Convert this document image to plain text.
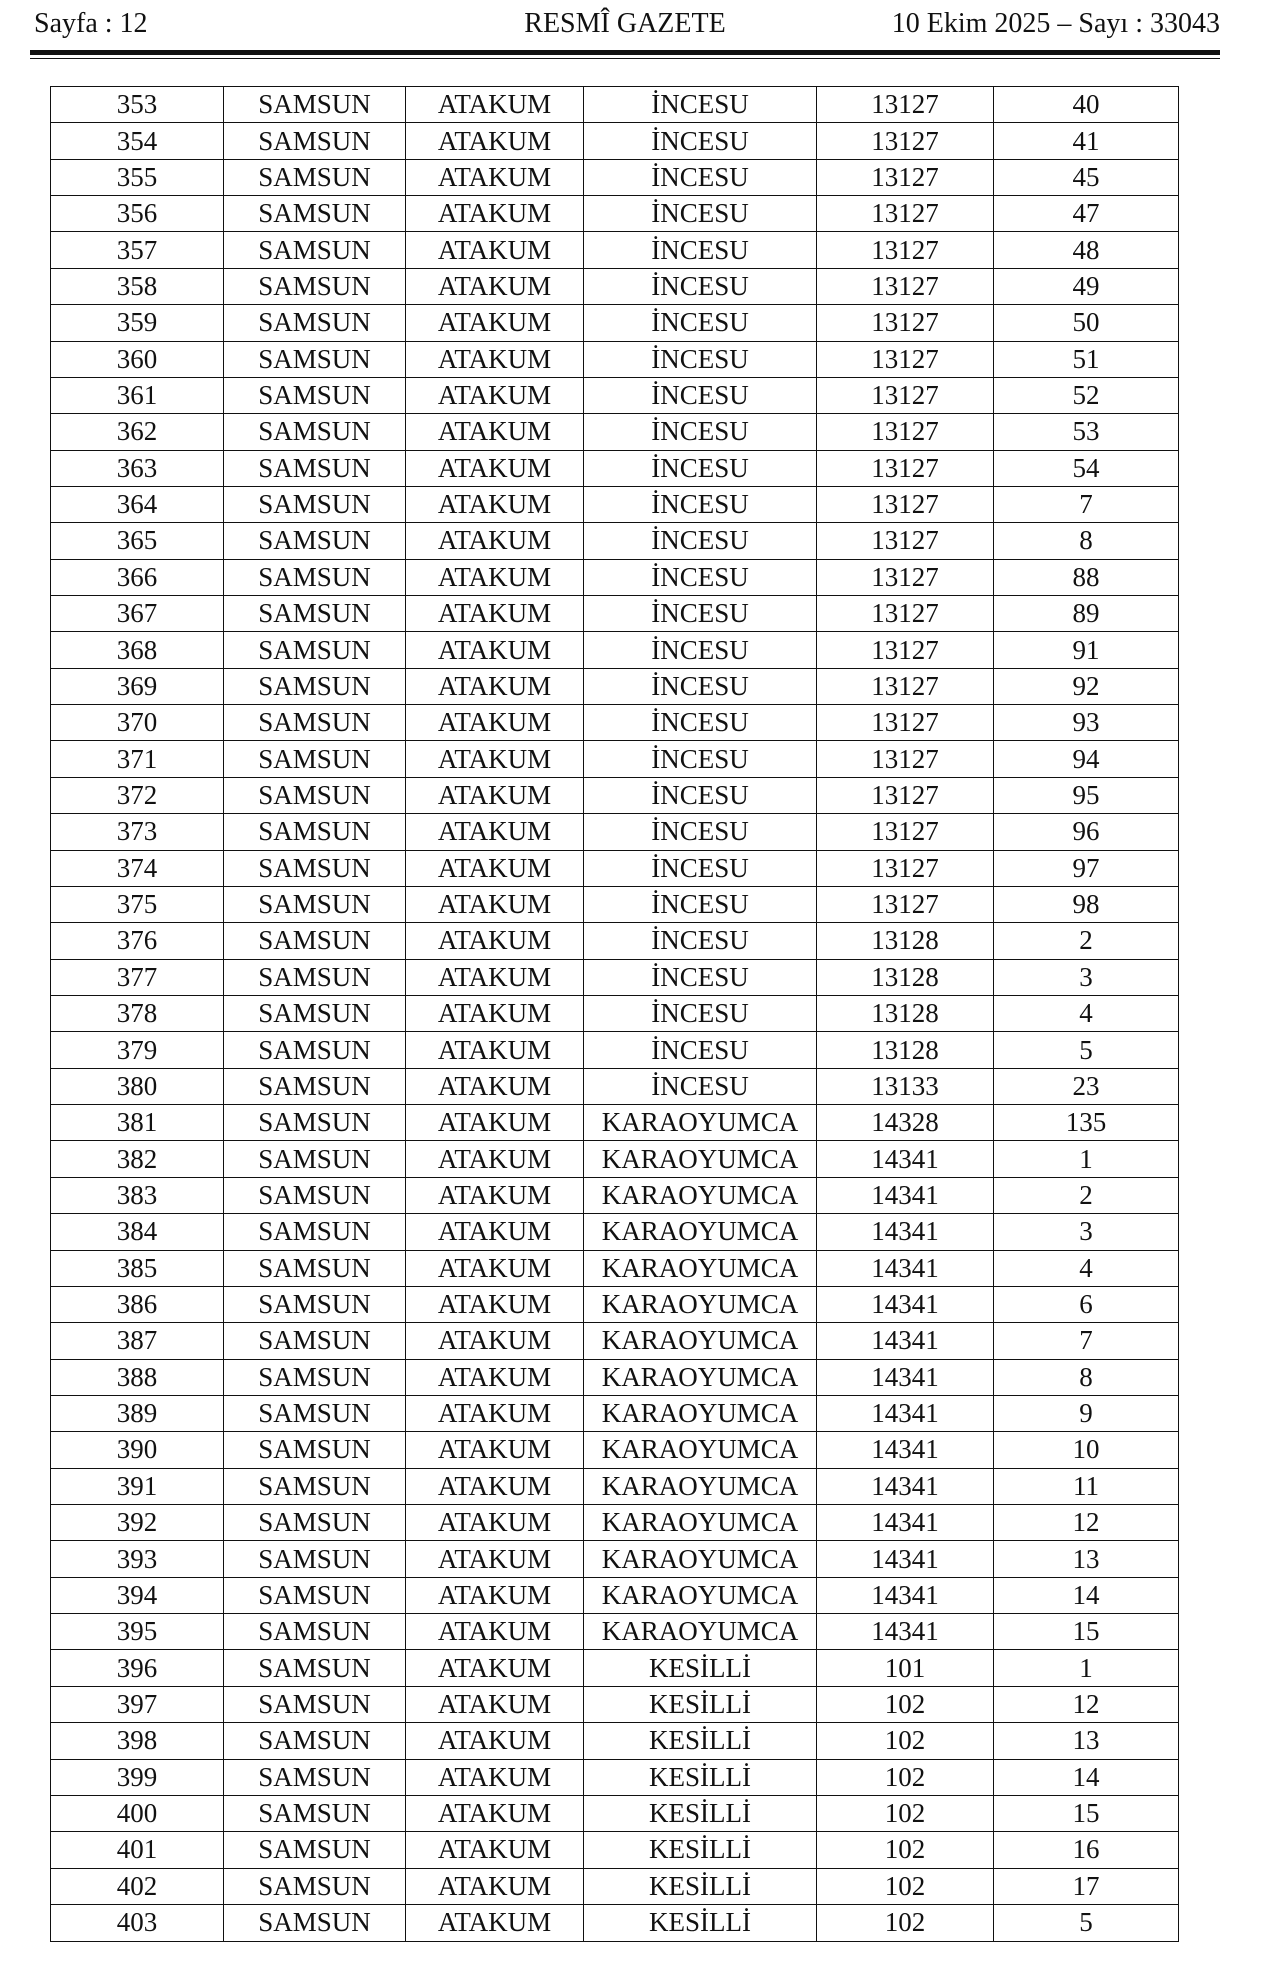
Sayfa : 12	RESMÎ GAZETE	10 Ekim 2025 – Sayı : 33043
353	SAMSUN	ATAKUM	İNCESU	13127	40
354	SAMSUN	ATAKUM	İNCESU	13127	41
355	SAMSUN	ATAKUM	İNCESU	13127	45
356	SAMSUN	ATAKUM	İNCESU	13127	47
357	SAMSUN	ATAKUM	İNCESU	13127	48
358	SAMSUN	ATAKUM	İNCESU	13127	49
359	SAMSUN	ATAKUM	İNCESU	13127	50
360	SAMSUN	ATAKUM	İNCESU	13127	51
361	SAMSUN	ATAKUM	İNCESU	13127	52
362	SAMSUN	ATAKUM	İNCESU	13127	53
363	SAMSUN	ATAKUM	İNCESU	13127	54
364	SAMSUN	ATAKUM	İNCESU	13127	7
365	SAMSUN	ATAKUM	İNCESU	13127	8
366	SAMSUN	ATAKUM	İNCESU	13127	88
367	SAMSUN	ATAKUM	İNCESU	13127	89
368	SAMSUN	ATAKUM	İNCESU	13127	91
369	SAMSUN	ATAKUM	İNCESU	13127	92
370	SAMSUN	ATAKUM	İNCESU	13127	93
371	SAMSUN	ATAKUM	İNCESU	13127	94
372	SAMSUN	ATAKUM	İNCESU	13127	95
373	SAMSUN	ATAKUM	İNCESU	13127	96
374	SAMSUN	ATAKUM	İNCESU	13127	97
375	SAMSUN	ATAKUM	İNCESU	13127	98
376	SAMSUN	ATAKUM	İNCESU	13128	2
377	SAMSUN	ATAKUM	İNCESU	13128	3
378	SAMSUN	ATAKUM	İNCESU	13128	4
379	SAMSUN	ATAKUM	İNCESU	13128	5
380	SAMSUN	ATAKUM	İNCESU	13133	23
381	SAMSUN	ATAKUM	KARAOYUMCA	14328	135
382	SAMSUN	ATAKUM	KARAOYUMCA	14341	1
383	SAMSUN	ATAKUM	KARAOYUMCA	14341	2
384	SAMSUN	ATAKUM	KARAOYUMCA	14341	3
385	SAMSUN	ATAKUM	KARAOYUMCA	14341	4
386	SAMSUN	ATAKUM	KARAOYUMCA	14341	6
387	SAMSUN	ATAKUM	KARAOYUMCA	14341	7
388	SAMSUN	ATAKUM	KARAOYUMCA	14341	8
389	SAMSUN	ATAKUM	KARAOYUMCA	14341	9
390	SAMSUN	ATAKUM	KARAOYUMCA	14341	10
391	SAMSUN	ATAKUM	KARAOYUMCA	14341	11
392	SAMSUN	ATAKUM	KARAOYUMCA	14341	12
393	SAMSUN	ATAKUM	KARAOYUMCA	14341	13
394	SAMSUN	ATAKUM	KARAOYUMCA	14341	14
395	SAMSUN	ATAKUM	KARAOYUMCA	14341	15
396	SAMSUN	ATAKUM	KESİLLİ	101	1
397	SAMSUN	ATAKUM	KESİLLİ	102	12
398	SAMSUN	ATAKUM	KESİLLİ	102	13
399	SAMSUN	ATAKUM	KESİLLİ	102	14
400	SAMSUN	ATAKUM	KESİLLİ	102	15
401	SAMSUN	ATAKUM	KESİLLİ	102	16
402	SAMSUN	ATAKUM	KESİLLİ	102	17
403	SAMSUN	ATAKUM	KESİLLİ	102	5
